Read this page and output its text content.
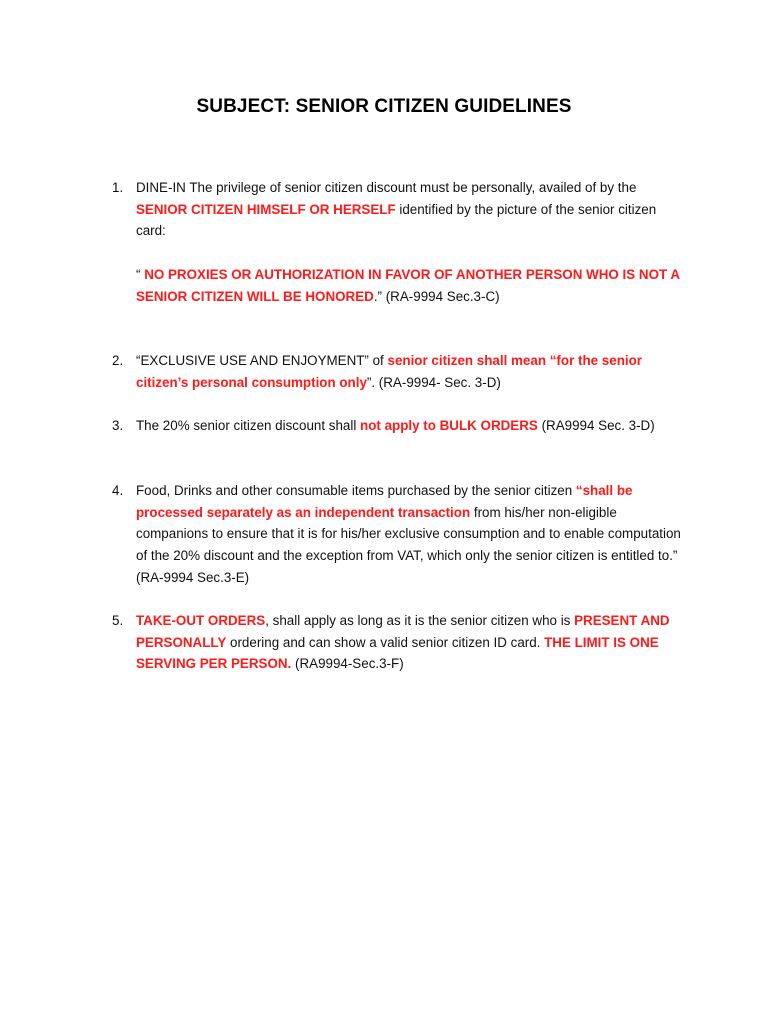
SUBJECT: SENIOR CITIZEN GUIDELINES
1. DINE-IN The privilege of senior citizen discount must be personally, availed of by the SENIOR CITIZEN HIMSELF OR HERSELF identified by the picture of the senior citizen card:

“ NO PROXIES OR AUTHORIZATION IN FAVOR OF ANOTHER PERSON WHO IS NOT A SENIOR CITIZEN WILL BE HONORED.” (RA-9994 Sec.3-C)

2. “EXCLUSIVE USE AND ENJOYMENT” of senior citizen shall mean “for the senior citizen’s personal consumption only”. (RA-9994- Sec. 3-D)

3. The 20% senior citizen discount shall not apply to BULK ORDERS (RA9994 Sec. 3-D)

4. Food, Drinks and other consumable items purchased by the senior citizen “shall be processed separately as an independent transaction from his/her non-eligible companions to ensure that it is for his/her exclusive consumption and to enable computation of the 20% discount and the exception from VAT, which only the senior citizen is entitled to.” (RA-9994 Sec.3-E)

5. TAKE-OUT ORDERS, shall apply as long as it is the senior citizen who is PRESENT AND PERSONALLY ordering and can show a valid senior citizen ID card. THE LIMIT IS ONE SERVING PER PERSON. (RA9994-Sec.3-F)
